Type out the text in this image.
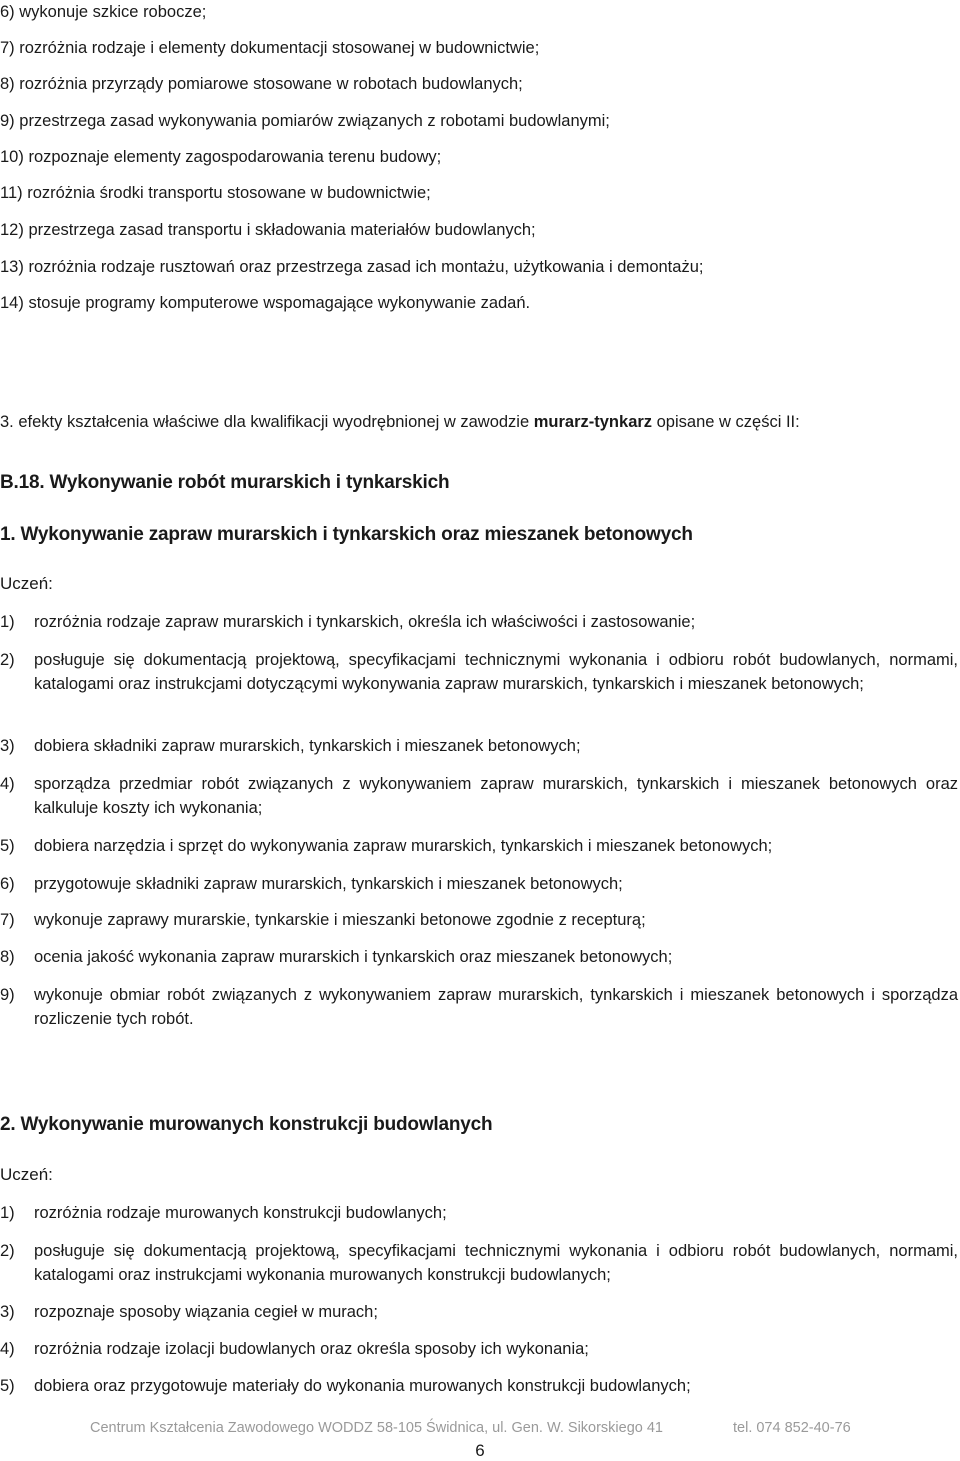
6) wykonuje szkice robocze;
7) rozróżnia rodzaje i elementy dokumentacji stosowanej w budownictwie;
8) rozróżnia przyrządy pomiarowe stosowane w robotach budowlanych;
9) przestrzega zasad wykonywania pomiarów związanych z robotami budowlanymi;
10) rozpoznaje elementy zagospodarowania terenu budowy;
11) rozróżnia środki transportu stosowane w budownictwie;
12) przestrzega zasad transportu i składowania materiałów budowlanych;
13) rozróżnia rodzaje rusztowań oraz przestrzega zasad ich montażu, użytkowania i demontażu;
14) stosuje programy komputerowe wspomagające wykonywanie zadań.
3. efekty kształcenia właściwe dla kwalifikacji wyodrębnionej w zawodzie murarz-tynkarz opisane w części II:
B.18. Wykonywanie robót murarskich i tynkarskich
1. Wykonywanie zapraw murarskich i tynkarskich oraz mieszanek betonowych
Uczeń:
1) rozróżnia rodzaje zapraw murarskich i tynkarskich, określa ich właściwości i zastosowanie;
2) posługuje się dokumentacją projektową, specyfikacjami technicznymi wykonania i odbioru robót budowlanych, normami, katalogami oraz instrukcjami dotyczącymi wykonywania zapraw murarskich, tynkarskich i mieszanek betonowych;
3) dobiera składniki zapraw murarskich, tynkarskich i mieszanek betonowych;
4) sporządza przedmiar robót związanych z wykonywaniem zapraw murarskich, tynkarskich i mieszanek betonowych oraz kalkuluje koszty ich wykonania;
5) dobiera narzędzia i sprzęt do wykonywania zapraw murarskich, tynkarskich i mieszanek betonowych;
6) przygotowuje składniki zapraw murarskich, tynkarskich i mieszanek betonowych;
7) wykonuje zaprawy murarskie, tynkarskie i mieszanki betonowe zgodnie z recepturą;
8) ocenia jakość wykonania zapraw murarskich i tynkarskich oraz mieszanek betonowych;
9) wykonuje obmiar robót związanych z wykonywaniem zapraw murarskich, tynkarskich i mieszanek betonowych i sporządza rozliczenie tych robót.
2. Wykonywanie murowanych konstrukcji budowlanych
Uczeń:
1) rozróżnia rodzaje murowanych konstrukcji budowlanych;
2) posługuje się dokumentacją projektową, specyfikacjami technicznymi wykonania i odbioru robót budowlanych, normami, katalogami oraz instrukcjami wykonania murowanych konstrukcji budowlanych;
3) rozpoznaje sposoby wiązania cegieł w murach;
4) rozróżnia rodzaje izolacji budowlanych oraz określa sposoby ich wykonania;
5) dobiera oraz przygotowuje materiały do wykonania murowanych konstrukcji budowlanych;
Centrum Kształcenia Zawodowego WODDZ 58-105 Świdnica, ul. Gen. W. Sikorskiego 41	tel. 074 852-40-76
6
